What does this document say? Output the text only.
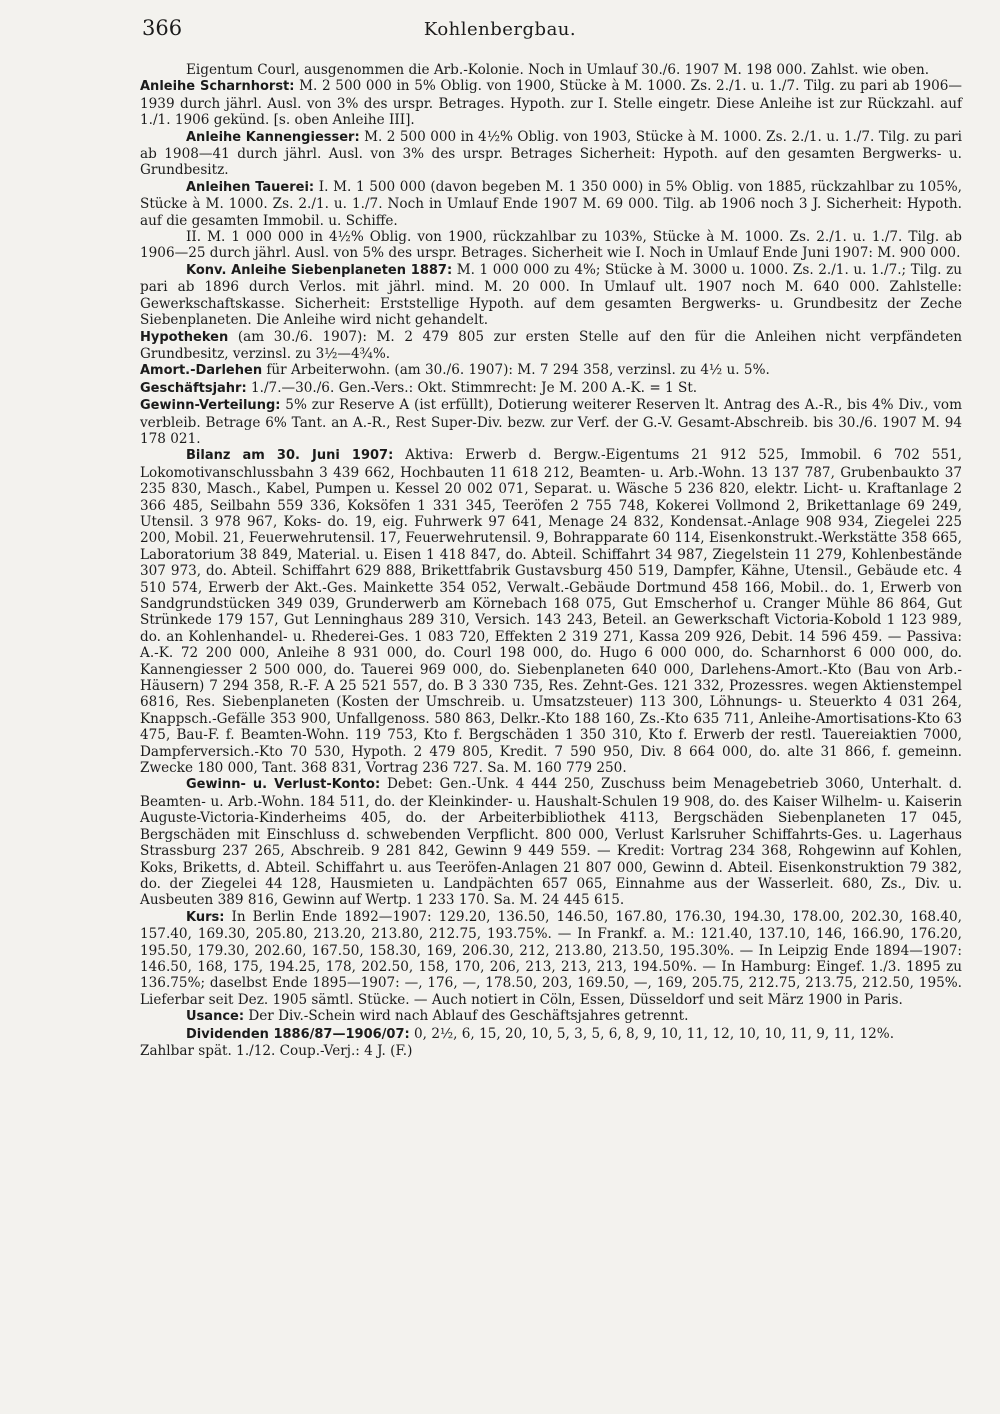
366	Kohlenbergbau.

Eigentum Courl, ausgenommen die Arb.-Kolonie. Noch in Umlauf 30./6. 1907 M. 198 000. Zahlst. wie oben.

Anleihe Scharnhorst: M. 2 500 000 in 5% Oblig. von 1900, Stücke à M. 1000. Zs. 2./1. u. 1./7. Tilg. zu pari ab 1906—1939 durch jährl. Ausl. von 3% des urspr. Betrages. Hypoth. zur I. Stelle eingetr. Diese Anleihe ist zur Rückzahl. auf 1./1. 1906 gekünd. [s. oben Anleihe III].

Anleihe Kannengiesser: M. 2 500 000 in 4½% Oblig. von 1903, Stücke à M. 1000. Zs. 2./1. u. 1./7. Tilg. zu pari ab 1908—41 durch jährl. Ausl. von 3% des urspr. Betrages Sicherheit: Hypoth. auf den gesamten Bergwerks- u. Grundbesitz.

Anleihen Tauerei: I. M. 1 500 000 (davon begeben M. 1 350 000) in 5% Oblig. von 1885, rückzahlbar zu 105%, Stücke à M. 1000. Zs. 2./1. u. 1./7. Noch in Umlauf Ende 1907 M. 69 000. Tilg. ab 1906 noch 3 J. Sicherheit: Hypoth. auf die gesamten Immobil. u. Schiffe.

II. M. 1 000 000 in 4½% Oblig. von 1900, rückzahlbar zu 103%, Stücke à M. 1000. Zs. 2./1. u. 1./7. Tilg. ab 1906—25 durch jährl. Ausl. von 5% des urspr. Betrages. Sicherheit wie I. Noch in Umlauf Ende Juni 1907: M. 900 000.

Konv. Anleihe Siebenplaneten 1887: M. 1 000 000 zu 4%; Stücke à M. 3000 u. 1000. Zs. 2./1. u. 1./7.; Tilg. zu pari ab 1896 durch Verlos. mit jährl. mind. M. 20 000. In Umlauf ult. 1907 noch M. 640 000. Zahlstelle: Gewerkschaftskasse. Sicherheit: Erststellige Hypoth. auf dem gesamten Bergwerks- u. Grundbesitz der Zeche Siebenplaneten. Die Anleihe wird nicht gehandelt.

Hypotheken (am 30./6. 1907): M. 2 479 805 zur ersten Stelle auf den für die Anleihen nicht verpfändeten Grundbesitz, verzinsl. zu 3½—4¾%.

Amort.-Darlehen für Arbeiterwohn. (am 30./6. 1907): M. 7 294 358, verzinsl. zu 4½ u. 5%.

Geschäftsjahr: 1./7.—30./6. Gen.-Vers.: Okt. Stimmrecht: Je M. 200 A.-K. = 1 St.

Gewinn-Verteilung: 5% zur Reserve A (ist erfüllt), Dotierung weiterer Reserven lt. Antrag des A.-R., bis 4% Div., vom verbleib. Betrage 6% Tant. an A.-R., Rest Super-Div. bezw. zur Verf. der G.-V. Gesamt-Abschreib. bis 30./6. 1907 M. 94 178 021.

Bilanz am 30. Juni 1907: Aktiva: Erwerb d. Bergw.-Eigentums 21 912 525, Immobil. 6 702 551, Lokomotivanschlussbahn 3 439 662, Hochbauten 11 618 212, Beamten- u. Arb.-Wohn. 13 137 787, Grubenbaukto 37 235 830, Masch., Kabel, Pumpen u. Kessel 20 002 071, Separat. u. Wäsche 5 236 820, elektr. Licht- u. Kraftanlage 2 366 485, Seilbahn 559 336, Koksöfen 1 331 345, Teeröfen 2 755 748, Kokerei Vollmond 2, Brikettanlage 69 249, Utensil. 3 978 967, Koks- do. 19, eig. Fuhrwerk 97 641, Menage 24 832, Kondensat.-Anlage 908 934, Ziegelei 225 200, Mobil. 21, Feuerwehrutensil. 17, Feuerwehrutensil. 9, Bohrapparate 60 114, Eisenkonstrukt.-Werkstätte 358 665, Laboratorium 38 849, Material. u. Eisen 1 418 847, do. Abteil. Schiffahrt 34 987, Ziegelstein 11 279, Kohlenbestände 307 973, do. Abteil. Schiffahrt 629 888, Brikettfabrik Gustavsburg 450 519, Dampfer, Kähne, Utensil., Gebäude etc. 4 510 574, Erwerb der Akt.-Ges. Mainkette 354 052, Verwalt.-Gebäude Dortmund 458 166, Mobil.. do. 1, Erwerb von Sandgrundstücken 349 039, Grunderwerb am Körnebach 168 075, Gut Emscherhof u. Cranger Mühle 86 864, Gut Strünkede 179 157, Gut Lenninghaus 289 310, Versich. 143 243, Beteil. an Gewerkschaft Victoria-Kobold 1 123 989, do. an Kohlenhandel- u. Rhederei-Ges. 1 083 720, Effekten 2 319 271, Kassa 209 926, Debit. 14 596 459. — Passiva: A.-K. 72 200 000, Anleihe 8 931 000, do. Courl 198 000, do. Hugo 6 000 000, do. Scharnhorst 6 000 000, do. Kannengiesser 2 500 000, do. Tauerei 969 000, do. Siebenplaneten 640 000, Darlehens-Amort.-Kto (Bau von Arb.-Häusern) 7 294 358, R.-F. A 25 521 557, do. B 3 330 735, Res. Zehnt-Ges. 121 332, Prozessres. wegen Aktienstempel 6816, Res. Siebenplaneten (Kosten der Umschreib. u. Umsatzsteuer) 113 300, Löhnungs- u. Steuerkto 4 031 264, Knappsch.-Gefälle 353 900, Unfallgenoss. 580 863, Delkr.-Kto 188 160, Zs.-Kto 635 711, Anleihe-Amortisations-Kto 63 475, Bau-F. f. Beamten-Wohn. 119 753, Kto f. Bergschäden 1 350 310, Kto f. Erwerb der restl. Tauereiaktien 7000, Dampferversich.-Kto 70 530, Hypoth. 2 479 805, Kredit. 7 590 950, Div. 8 664 000, do. alte 31 866, f. gemeinn. Zwecke 180 000, Tant. 368 831, Vortrag 236 727. Sa. M. 160 779 250.

Gewinn- u. Verlust-Konto: Debet: Gen.-Unk. 4 444 250, Zuschuss beim Menagebetrieb 3060, Unterhalt. d. Beamten- u. Arb.-Wohn. 184 511, do. der Kleinkinder- u. Haushalt-Schulen 19 908, do. des Kaiser Wilhelm- u. Kaiserin Auguste-Victoria-Kinderheims 405, do. der Arbeiterbibliothek 4113, Bergschäden Siebenplaneten 17 045, Bergschäden mit Einschluss d. schwebenden Verpflicht. 800 000, Verlust Karlsruher Schiffahrts-Ges. u. Lagerhaus Strassburg 237 265, Abschreib. 9 281 842, Gewinn 9 449 559. — Kredit: Vortrag 234 368, Rohgewinn auf Kohlen, Koks, Briketts, d. Abteil. Schiffahrt u. aus Teeröfen-Anlagen 21 807 000, Gewinn d. Abteil. Eisenkonstruktion 79 382, do. der Ziegelei 44 128, Hausmieten u. Landpächten 657 065, Einnahme aus der Wasserleit. 680, Zs., Div. u. Ausbeuten 389 816, Gewinn auf Wertp. 1 233 170. Sa. M. 24 445 615.

Kurs: In Berlin Ende 1892—1907: 129.20, 136.50, 146.50, 167.80, 176.30, 194.30, 178.00, 202.30, 168.40, 157.40, 169.30, 205.80, 213.20, 213.80, 212.75, 193.75%. — In Frankf. a. M.: 121.40, 137.10, 146, 166.90, 176.20, 195.50, 179.30, 202.60, 167.50, 158.30, 169, 206.30, 212, 213.80, 213.50, 195.30%. — In Leipzig Ende 1894—1907: 146.50, 168, 175, 194.25, 178, 202.50, 158, 170, 206, 213, 213, 213, 194.50%. — In Hamburg: Eingef. 1./3. 1895 zu 136.75%; daselbst Ende 1895—1907: —, 176, —, 178.50, 203, 169.50, —, 169, 205.75, 212.75, 213.75, 212.50, 195%. Lieferbar seit Dez. 1905 sämtl. Stücke. — Auch notiert in Cöln, Essen, Düsseldorf und seit März 1900 in Paris.

Usance: Der Div.-Schein wird nach Ablauf des Geschäftsjahres getrennt.

Dividenden 1886/87—1906/07: 0, 2½, 6, 15, 20, 10, 5, 3, 5, 6, 8, 9, 10, 11, 12, 10, 10, 11, 9, 11, 12%.

Zahlbar spät. 1./12. Coup.-Verj.: 4 J. (F.)
